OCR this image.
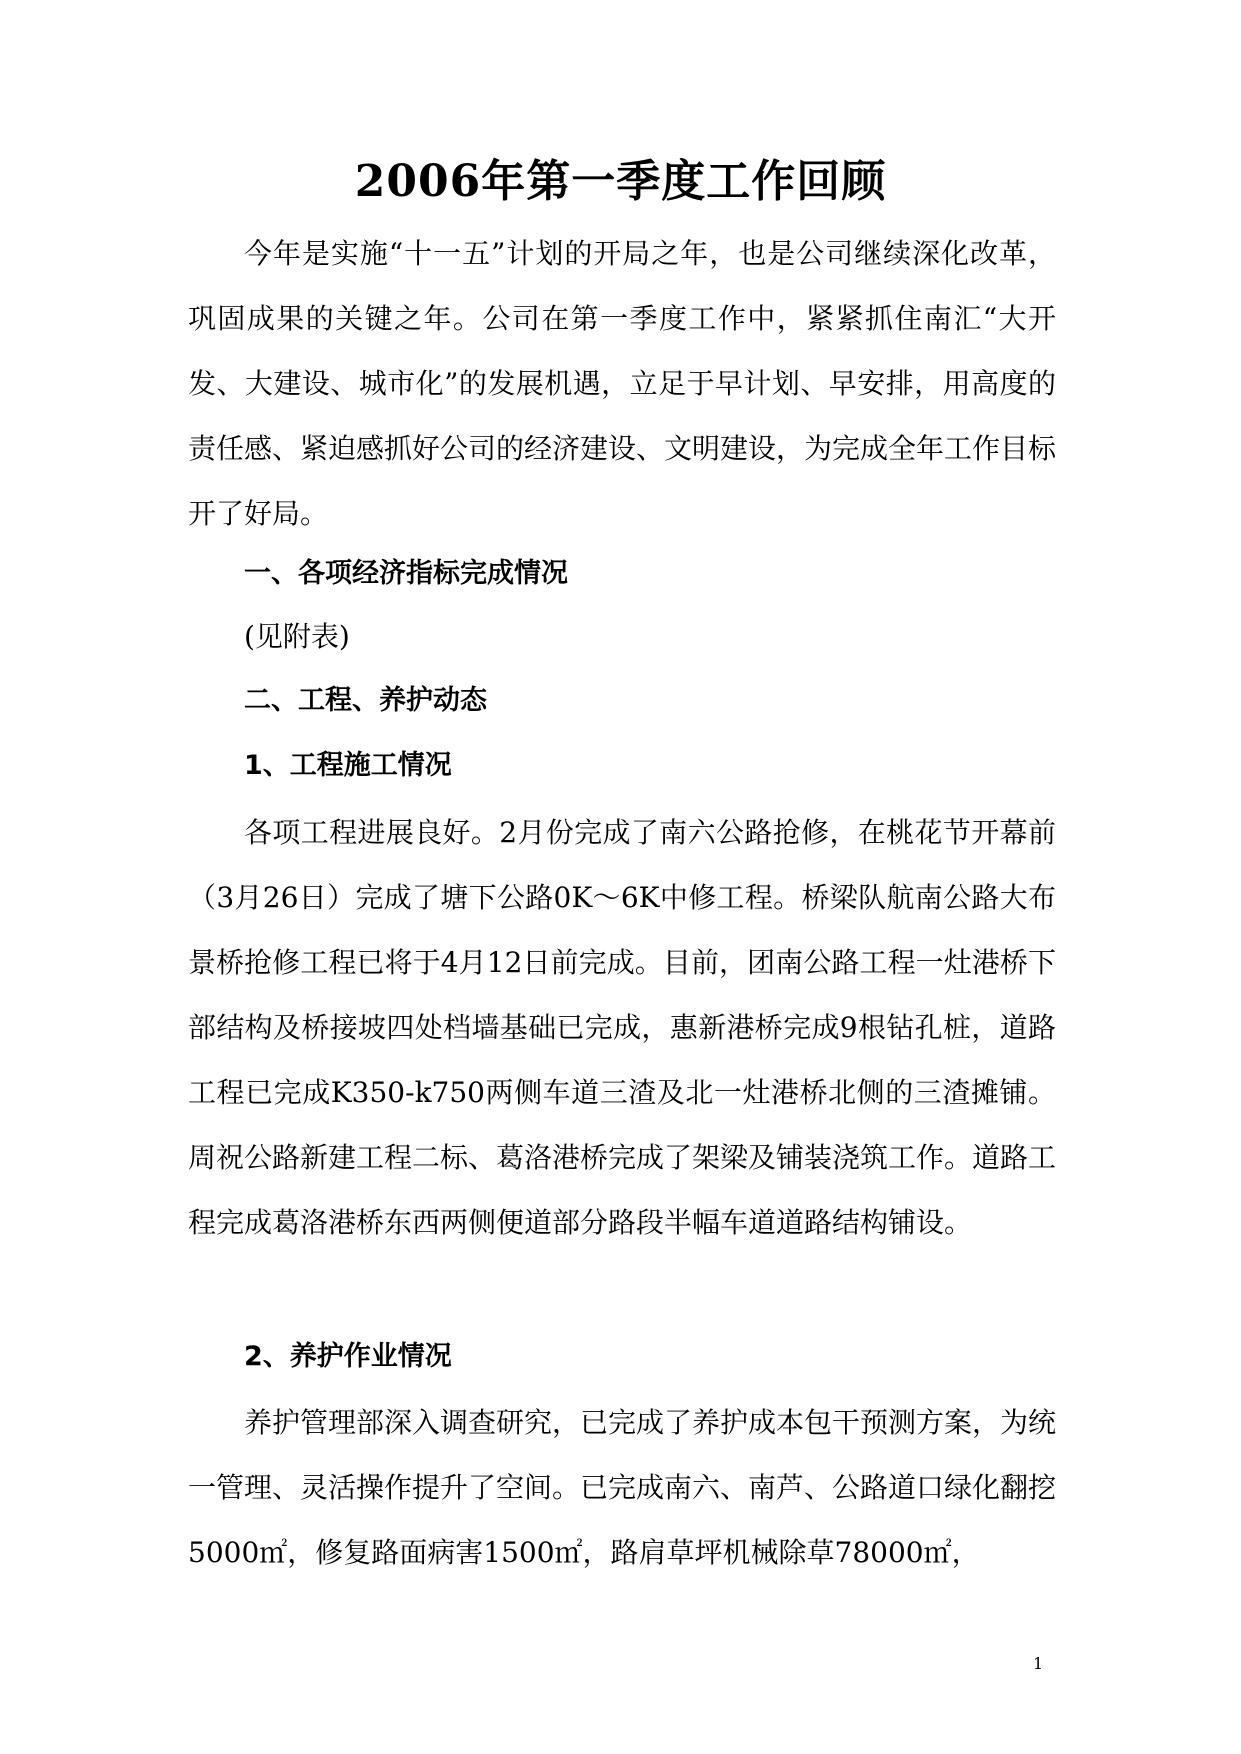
2006年第一季度工作回顾

今年是实施“十一五”计划的开局之年，也是公司继续深化改革，巩固成果的关键之年。公司在第一季度工作中，紧紧抓住南汇“大开发、大建设、城市化”的发展机遇，立足于早计划、早安排，用高度的责任感、紧迫感抓好公司的经济建设、文明建设，为完成全年工作目标开了好局。

一、各项经济指标完成情况
(见附表)
二、工程、养护动态
1、工程施工情况

各项工程进展良好。2月份完成了南六公路抢修，在桃花节开幕前（3月26日）完成了塘下公路0K～6K中修工程。桥梁队航南公路大布景桥抢修工程已将于4月12日前完成。目前，团南公路工程一灶港桥下部结构及桥接坡四处档墙基础已完成，惠新港桥完成9根钻孔桩，道路工程已完成K350-k750两侧车道三渣及北一灶港桥北侧的三渣摊铺。周祝公路新建工程二标、葛洛港桥完成了架梁及铺装浇筑工作。道路工程完成葛洛港桥东西两侧便道部分路段半幅车道道路结构铺设。

2、养护作业情况

养护管理部深入调查研究，已完成了养护成本包干预测方案，为统一管理、灵活操作提升了空间。已完成南六、南芦、公路道口绿化翻挖5000㎡，修复路面病害1500㎡，路肩草坪机械除草78000㎡，

1
